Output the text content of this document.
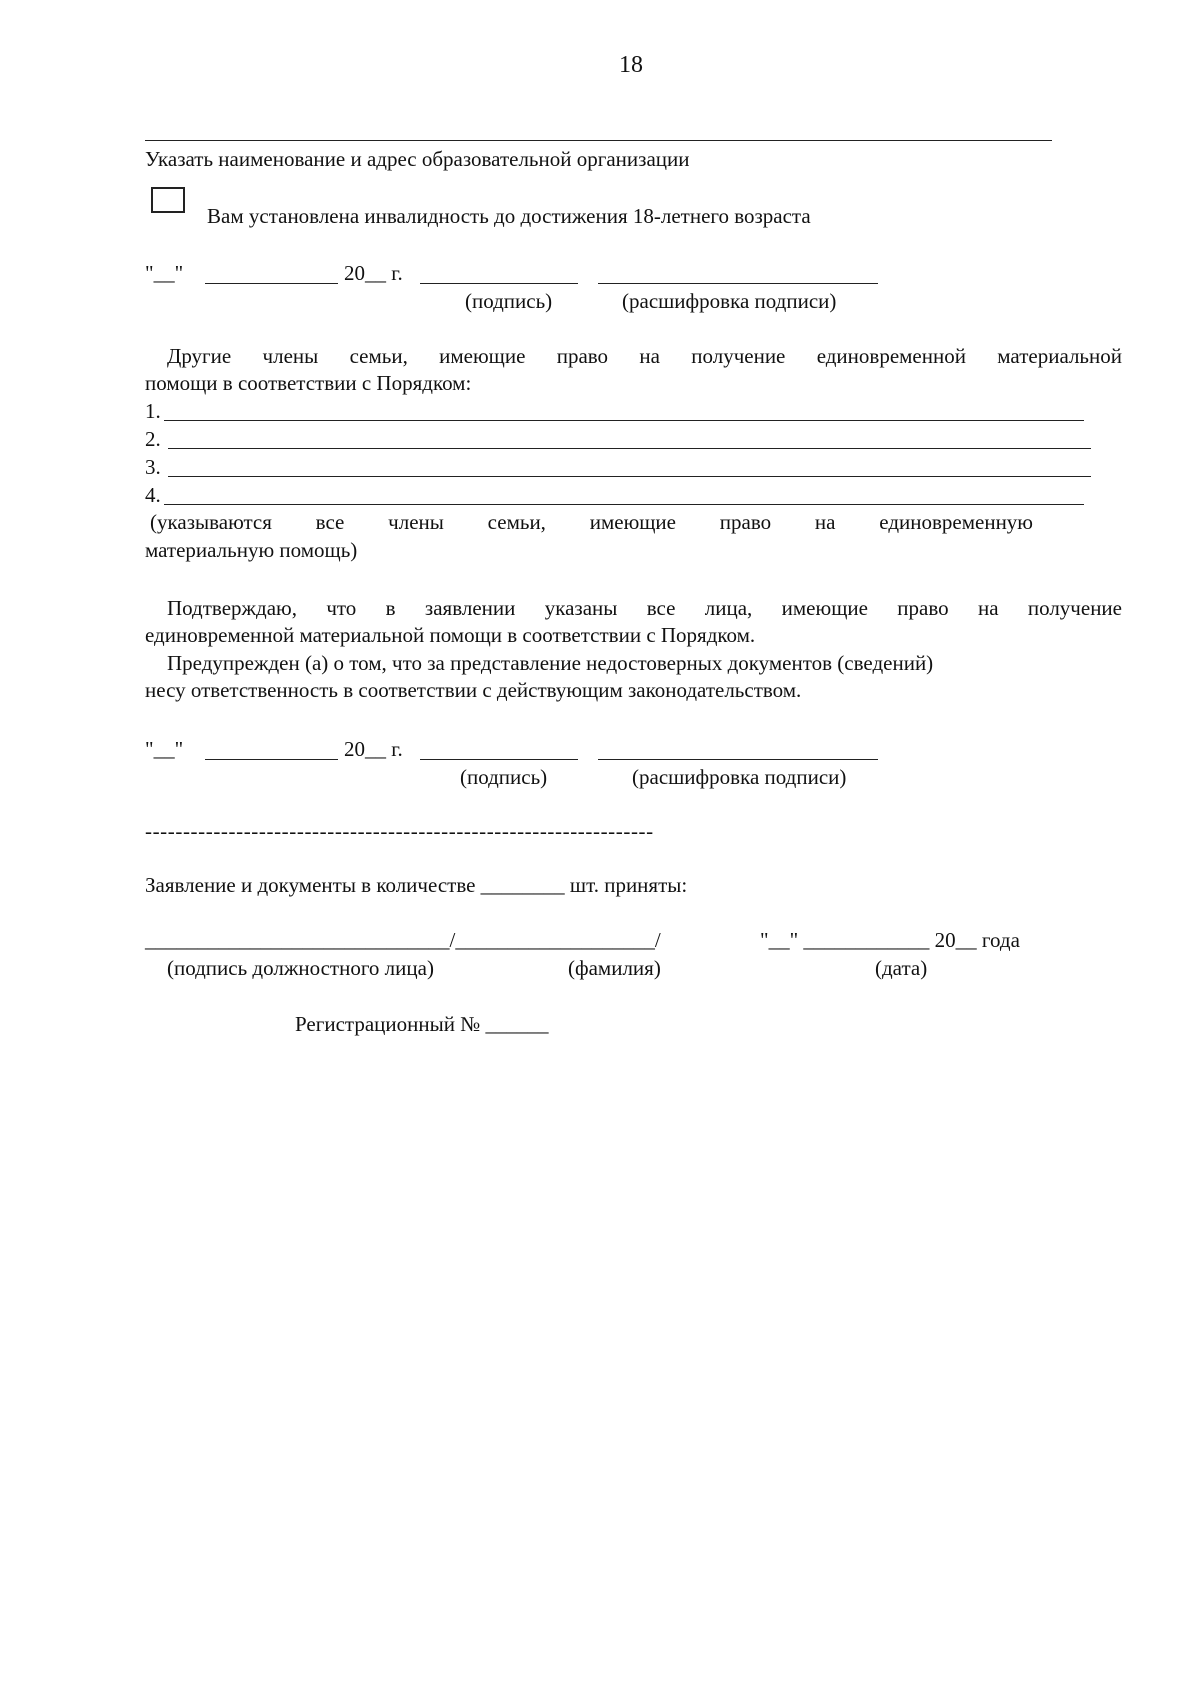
18
Указать наименование и адрес образовательной организации
Вам установлена инвалидность до достижения 18-летнего возраста
"__"	20__ г.
(подпись)	(расшифровка подписи)
Другие члены семьи, имеющие право на получение единовременной материальной
помощи в соответствии с Порядком:
1.
2.
3.
4.
(указываются все члены семьи, имеющие право на единовременную
материальную помощь)
Подтверждаю, что в заявлении указаны все лица, имеющие право на получение
единовременной материальной помощи в соответствии с Порядком.
Предупрежден (а) о том, что за представление недостоверных документов (сведений)
несу ответственность в соответствии с действующим законодательством.
"__"	20__ г.
(подпись)	(расшифровка подписи)
-------------------------------------------------------------------
Заявление и документы в количестве ________ шт. приняты:
_____________________________/___________________/	"__" ____________ 20__ года
(подпись должностного лица)	(фамилия)	(дата)
Регистрационный № ______
